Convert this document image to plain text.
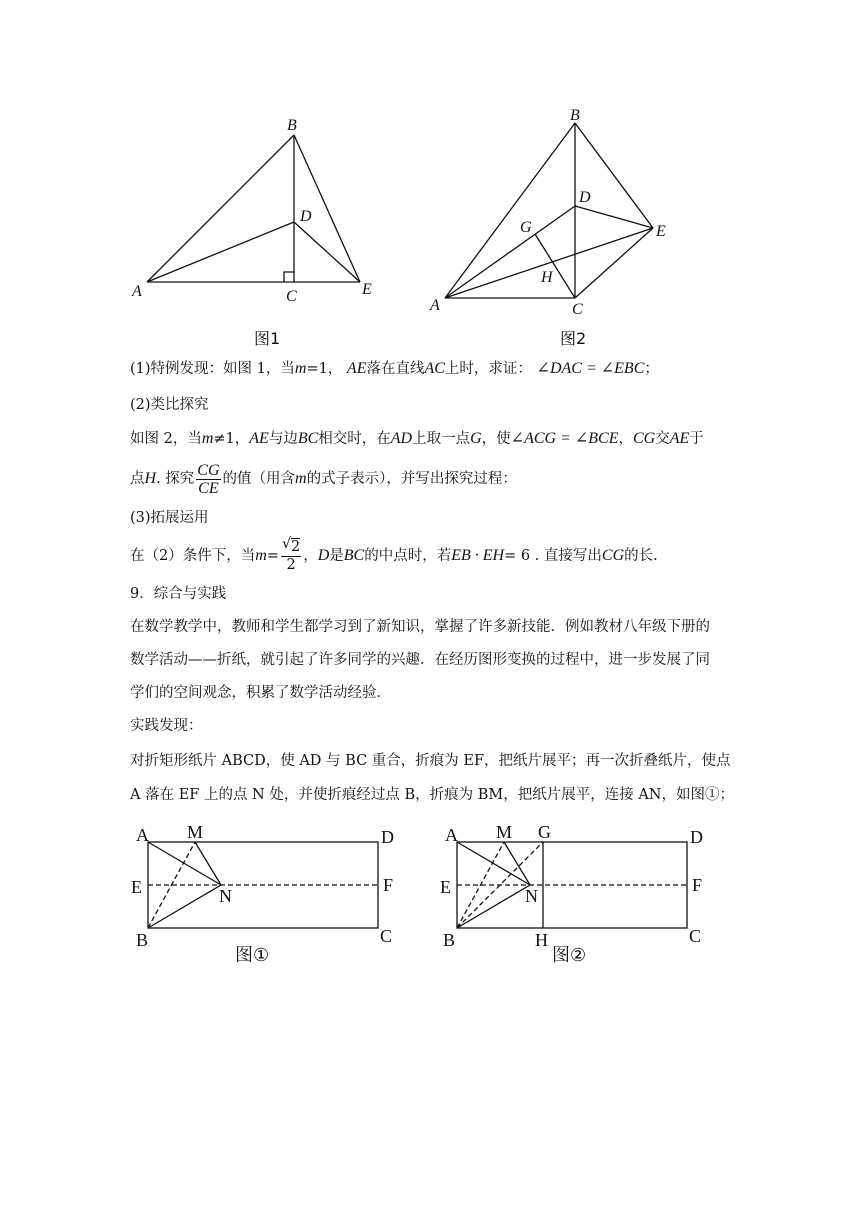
B
D
A	C	E
图1
B
D
G	E
H
A	C
图2
(1)特例发现：如图 1，当m=1， AE落在直线AC上时，求证： ∠DAC = ∠EBC；
(2)类比探究
如图 2，当m≠1，AE与边BC相交时，在AD上取一点G，使∠ACG = ∠BCE，CG交AE于
点H. 探究 $\frac{CG}{CE}$ 的值（用含m的式子表示），并写出探究过程：
(3)拓展运用
在（2）条件下，当$m= \frac{√ 2}{2}$ ，D是BC的中点时，若EB · EH= 6 . 直接写出CG的长.
9．综合与实践
在数学教学中，教师和学生都学习到了新知识，掌握了许多新技能．例如教材八年级下册的
数学活动——折纸，就引起了许多同学的兴趣．在经历图形变换的过程中，进一步发展了同
学们的空间观念，积累了数学活动经验．
实践发现：
对折矩形纸片 ABCD，使 AD 与 BC 重合，折痕为 EF，把纸片展平；再一次折叠纸片，使点
A 落在 EF 上的点 N 处，并使折痕经过点 B，折痕为 BM，把纸片展平，连接 AN，如图①；
A M	D
E	F
N
B	C
图①
A M G	D
E	F
N
B	H	C
图②
